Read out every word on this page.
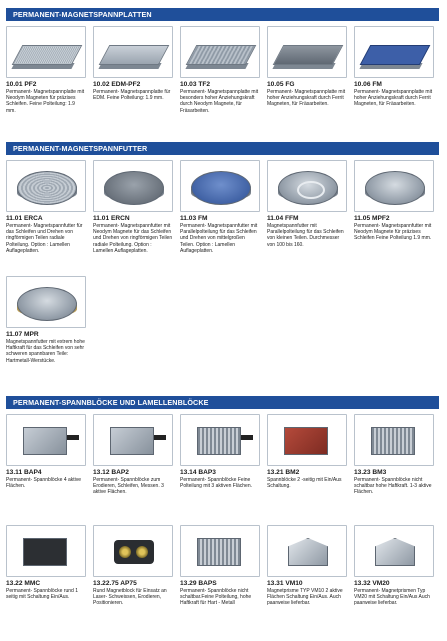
PERMANENT-MAGNETSPANNPLATTEN
10.01 PF2
Permanent- Magnetspannplatte mit Neodym Magneten für präzises Schleifen. Feine Polteilung: 1.9 mm.
10.02 EDM-PF2
Permanent- Magnetspannplatte für EDM. Feine Polteilung: 1.9 mm.
10.03 TF2
Permanent- Magnetspannplatte mit besonders hoher Anziehungskraft durch Neodym Magnete, für Fräsarbeiten.
10.05 FG
Permanent- Magnetspannplatte mit hoher Anziehungskraft durch Ferrit Magneten, für Fräsarbeiten.
10.06 FM
Permanent- Magnetspannplatte mit hoher Anziehungskraft durch Ferrit Magneten, für Fräsarbeiten.
PERMANENT-MAGNETSPANNFUTTER
11.01 ERCA
Permanent- Magnetspannfutter für das Schleifen und Drehen von ringförmigen Teilen radiale Polteilung. Option : Lamellen Auflageplatten.
11.01 ERCN
Permanent- Magnetspannfutter mit Neodym Magnete für das Schleifen und Drehen von ringförmigen Teilen radiale Polteilung. Option : Lamellen Auflageplatten.
11.03 FM
Permanent- Magnetspannfutter mit Parallelpolteilung für das Schleifen und Drehen von mittelgroßen Teilen. Option : Lamellen Auflageplatten.
11.04 FFM
Magnetspannfutter mit Parallelpolteilung für das Schleifen von kleinen Teilen. Durchmesser von 100 bis 160.
11.05 MPF2
Permanent- Magnetspannfutter mit Neodym Magnete für präzises Schleifen Feine Polteilung 1.9 mm.
11.07 MPR
Magnetspannfutter mit extrem hohe Haftkraft für das Schleifen von sehr schweren spannbaren Teile: Hartmetall-Werstücke.
PERMANENT-SPANNBLÖCKE UND LAMELLENBLÖCKE
13.11 BAP4
Permanent- Spannblöcke 4 aktive Flächen.
13.12 BAP2
Permanent- Spannblöcke zum Erodieren, Schleifen, Messen. 3 aktive Flächen.
13.14 BAP3
Permanent- Spannblöcke Feine Polteilung mit 3 aktiven Flächen.
13.21 BM2
Spannblöcke 2 -seitig mit Ein/Aus Schaltung.
13.23 BM3
Permanent- Spannblöcke nicht schaltbar hohe Haftkraft. 1-3 aktive Flächen.
13.22 MMC
Permanent- Spannblöcke rund 1 seitig mit Schaltung Ein/Aus.
13.22.75 AP75
Rund Magnetblock für Einsatz an Laser- Schweissen, Erodieren, Positionieren.
13.29 BAPS
Permanent- Spannblöcke nicht schaltbar.Feine Polteilung, hohe Haftkraft für Hart - Metall
13.31 VM10
Magnetprisme TYP VM10 2 aktive Flächen Schaltung Ein/Aus. Auch paarweise lieferbar.
13.32 VM20
Permanent- Magnetprismen Typ VM20 mit Schaltung Ein/Aus Auch paarweise lieferbar.
